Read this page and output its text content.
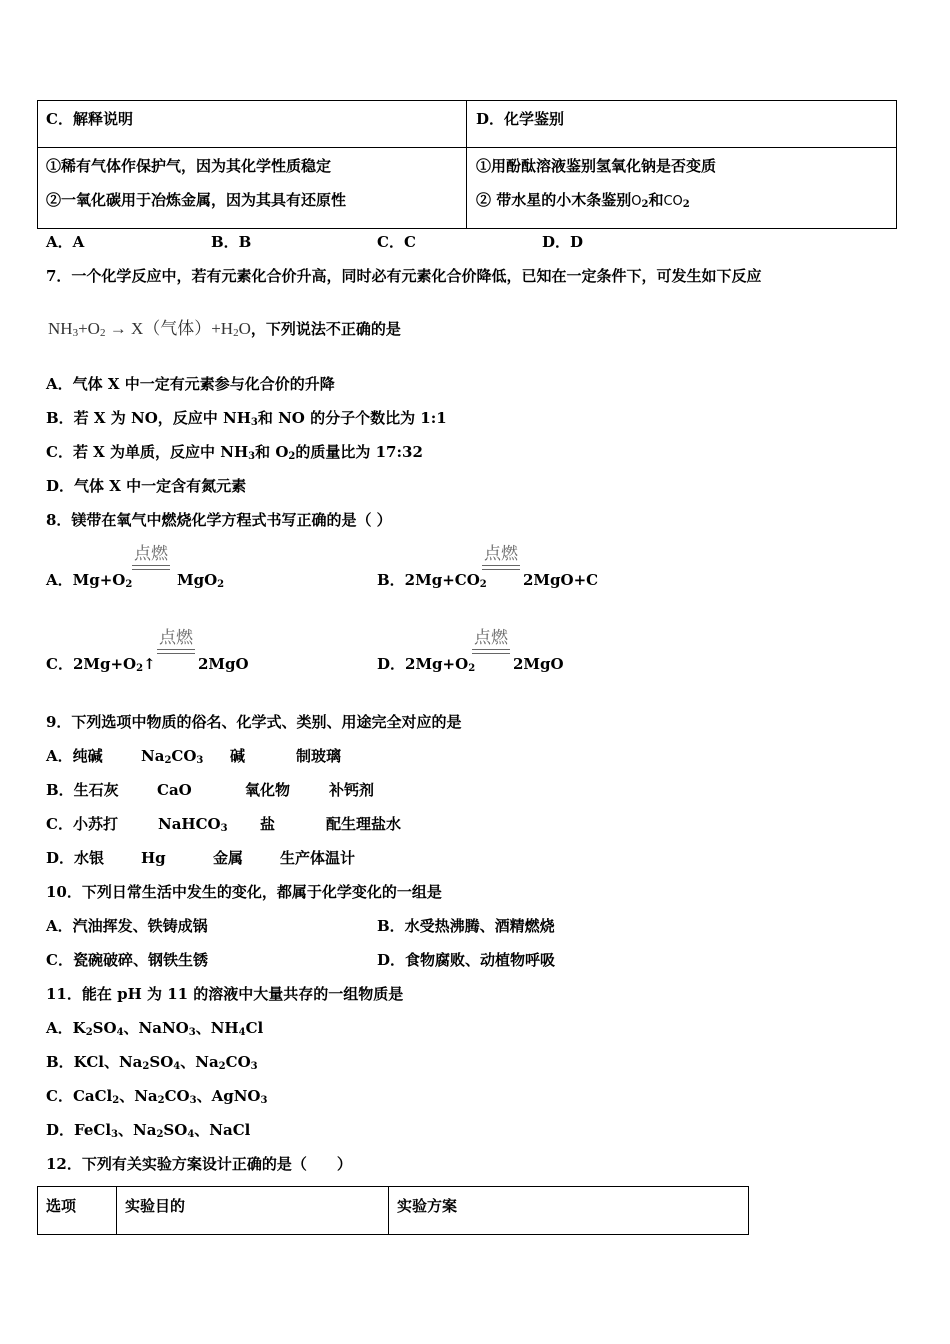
C．解释说明	D．化学鉴别
①稀有气体作保护气，因为其化学性质稳定
②一氧化碳用于冶炼金属，因为其具有还原性
①用酚酞溶液鉴别氢氧化钠是否变质
② 带水星的小木条鉴别$O_2$和$CO_2$
A．A	B．B	C．C	D．D
7．一个化学反应中，若有元素化合价升高，同时必有元素化合价降低，已知在一定条件下，可发生如下反应
$NH_3+O_2 \to X$（气体）$+H_2O$，下列说法不正确的是
A．气体 X 中一定有元素参与化合价的升降
B．若 X 为 NO，反应中 $NH_3$和 NO 的分子个数比为 1:1
C．若 X 为单质，反应中 $NH_3$和 $O_2$的质量比为 17:32
D．气体 X 中一定含有氮元素
8．镁带在氧气中燃烧化学方程式书写正确的是（ ）
A．$Mg+O_2$
点燃
MgO$_2$	B．$2Mg+CO_2$
点燃
2MgO+C
C．$2Mg+O_2↑$
点燃
2MgO	D．$2Mg+O_2$
点燃
2MgO
9．下列选项中物质的俗名、化学式、类别、用途完全对应的是
A．纯碱	$Na_2CO_3$ 碱	制玻璃
B．生石灰	CaO	氧化物	补钙剂
C．小苏打	NaHCO$_3$ 盐	配生理盐水
D．水银 Hg	金属 生产体温计
10．下列日常生活中发生的变化，都属于化学变化的一组是
A．汽油挥发、铁铸成锅	B．水受热沸腾、酒精燃烧
C．瓷碗破碎、钢铁生锈	D．食物腐败、动植物呼吸
11．能在 pH 为 11 的溶液中大量共存的一组物质是
A．$K_2SO_4$、NaNO$_3$、$NH_4Cl$
B．KCl、$Na_2SO_4$、$Na_2CO_3$
C．CaCl$_2$、$Na_2CO_3$、AgNO$_3$
D．FeCl$_3$、$Na_2SO_4$、NaCl
12．下列有关实验方案设计正确的是（　　）
选项	实验目的	实验方案
